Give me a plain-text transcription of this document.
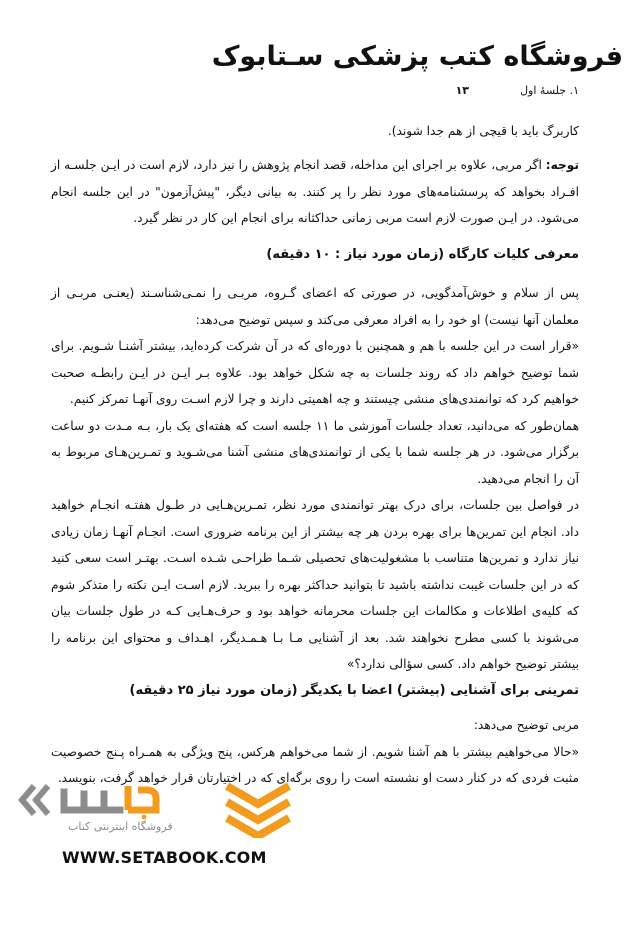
فروشگاه کتب پزشکی سـتابوک
۱. جلسۀ اول
۱۳

کاربرگ باید با قیچی از هم جدا شوند).

توجه: اگر مربی، علاوه بر اجرای این مداخله، قصد انجام پژوهش را نیز دارد، لازم است در ایـن جلسـه از افـراد بخواهد که پرسشنامه‌های مورد نظر را پر کنند. به بیانی دیگر، "پیش‌آزمون" در این جلسه انجام می‌شود. در ایـن صورت لازم است مربی زمانی حداکثانه برای انجام این کار در نظر گیرد.

معرفی کلیات کارگاه (زمان مورد نیاز : ۱۰ دقیقه)

پس از سلام و خوش‌آمدگویی، در صورتی که اعضای گـروه، مربـی را نمـی‌شناسـند (یعنـی مربـی از معلمان آنها نیست) او خود را به افراد معرفی می‌کند و سپس توضیح می‌دهد:

«قرار است در این جلسه با هم و همچنین با دوره‌ای که در آن شرکت کرده‌اید، بیشتر آشنـا شـویم. برای شما توضیح خواهم داد که روند جلسات به چه شکل خواهد بود. علاوه بـر ایـن در ایـن رابطـه صحبت خواهیم کرد که توانمندی‌های منشی چیستند و چه اهمیتی دارند و چرا لازم اسـت روی آنهـا تمرکز کنیم.

همان‌طور که می‌دانید، تعداد جلسات آموزشی ما ۱۱ جلسه است که هفته‌ای یک بار، بـه مـدت دو ساعت برگزار می‌شود. در هر جلسه شما با یکی از توانمندی‌های منشی آشنا می‌شـوید و تمـرین‌هـای مربوط به آن را انجام می‌دهید.

در فواصل بین جلسات، برای درک بهتر توانمندی مورد نظر، تمـرین‌هـایی در طـول هفتـه انجـام خواهید داد. انجام این تمرین‌ها برای بهره بردن هر چه بیشتر از این برنامه ضروری است. انجـام آنهـا زمان زیادی نیاز ندارد و تمرین‌ها متناسب با مشغولیت‌های تحصیلی شـما طراحـی شـده اسـت. بهتـر است سعی کنید که در این جلسات غیبت نداشته باشید تا بتوانید حداکثر بهره را ببرید. لازم اسـت ایـن نکته را متذکر شوم که کلیه‌ی اطلاعات و مکالمات این جلسات محرمانه خواهد بود و حرف‌هـایی کـه در طول جلسات بیان می‌شوند با کسی مطرح نخواهند شد. بعد از آشنایی مـا بـا هـمـدیگر، اهـداف و محتوای این برنامه را بیشتر توضیح خواهم داد. کسی سؤالی ندارد؟»

تمرینی برای آشنایی (بیشتر) اعضا با یکدیگر (زمان مورد نیاز ۲۵ دقیقه)

مربی توضیح می‌دهد:

«حالا می‌خواهیم بیشتر با هم آشنا شویم. از شما می‌خواهم هرکس، پنج ویژگی به همـراه پـنج خصوصیت مثبت فردی که در کنار دست او نشسته است را روی برگه‌ای که در اختیارتان قرار خواهد گرفت، بنویسد.

فروشگاه اینترنتی کتاب
WWW.SETABOOK.COM
